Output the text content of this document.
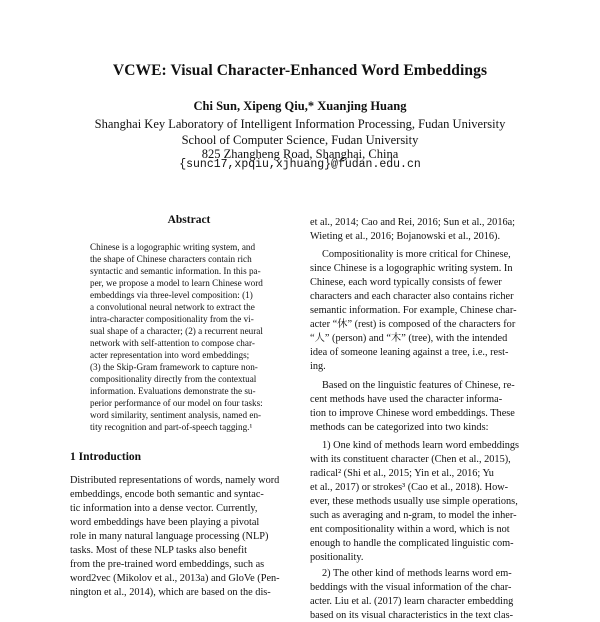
VCWE: Visual Character-Enhanced Word Embeddings
Chi Sun, Xipeng Qiu,* Xuanjing Huang
Shanghai Key Laboratory of Intelligent Information Processing, Fudan University
School of Computer Science, Fudan University
825 Zhangheng Road, Shanghai, China
{sunc17,xpqiu,xjhuang}@fudan.edu.cn
Abstract
Chinese is a logographic writing system, and
the shape of Chinese characters contain rich
syntactic and semantic information. In this pa-
per, we propose a model to learn Chinese word
embeddings via three-level composition: (1)
a convolutional neural network to extract the
intra-character compositionality from the vi-
sual shape of a character; (2) a recurrent neural
network with self-attention to compose char-
acter representation into word embeddings;
(3) the Skip-Gram framework to capture non-
compositionality directly from the contextual
information. Evaluations demonstrate the su-
perior performance of our model on four tasks:
word similarity, sentiment analysis, named en-
tity recognition and part-of-speech tagging.¹
1 Introduction
Distributed representations of words, namely word
embeddings, encode both semantic and syntac-
tic information into a dense vector. Currently,
word embeddings have been playing a pivotal
role in many natural language processing (NLP)
tasks. Most of these NLP tasks also benefit
from the pre-trained word embeddings, such as
word2vec (Mikolov et al., 2013a) and GloVe (Pen-
nington et al., 2014), which are based on the dis-
et al., 2014; Cao and Rei, 2016; Sun et al., 2016a;
Wieting et al., 2016; Bojanowski et al., 2016).
Compositionality is more critical for Chinese,
since Chinese is a logographic writing system. In
Chinese, each word typically consists of fewer
characters and each character also contains richer
semantic information. For example, Chinese char-
acter “休” (rest) is composed of the characters for
“人” (person) and “木” (tree), with the intended
idea of someone leaning against a tree, i.e., rest-
ing.
Based on the linguistic features of Chinese, re-
cent methods have used the character informa-
tion to improve Chinese word embeddings. These
methods can be categorized into two kinds:
1) One kind of methods learn word embeddings
with its constituent character (Chen et al., 2015),
radical² (Shi et al., 2015; Yin et al., 2016; Yu
et al., 2017) or strokes³ (Cao et al., 2018). How-
ever, these methods usually use simple operations,
such as averaging and n-gram, to model the inher-
ent compositionality within a word, which is not
enough to handle the complicated linguistic com-
positionality.
2) The other kind of methods learns word em-
beddings with the visual information of the char-
acter. Liu et al. (2017) learn character embedding
based on its visual characteristics in the text clas-
